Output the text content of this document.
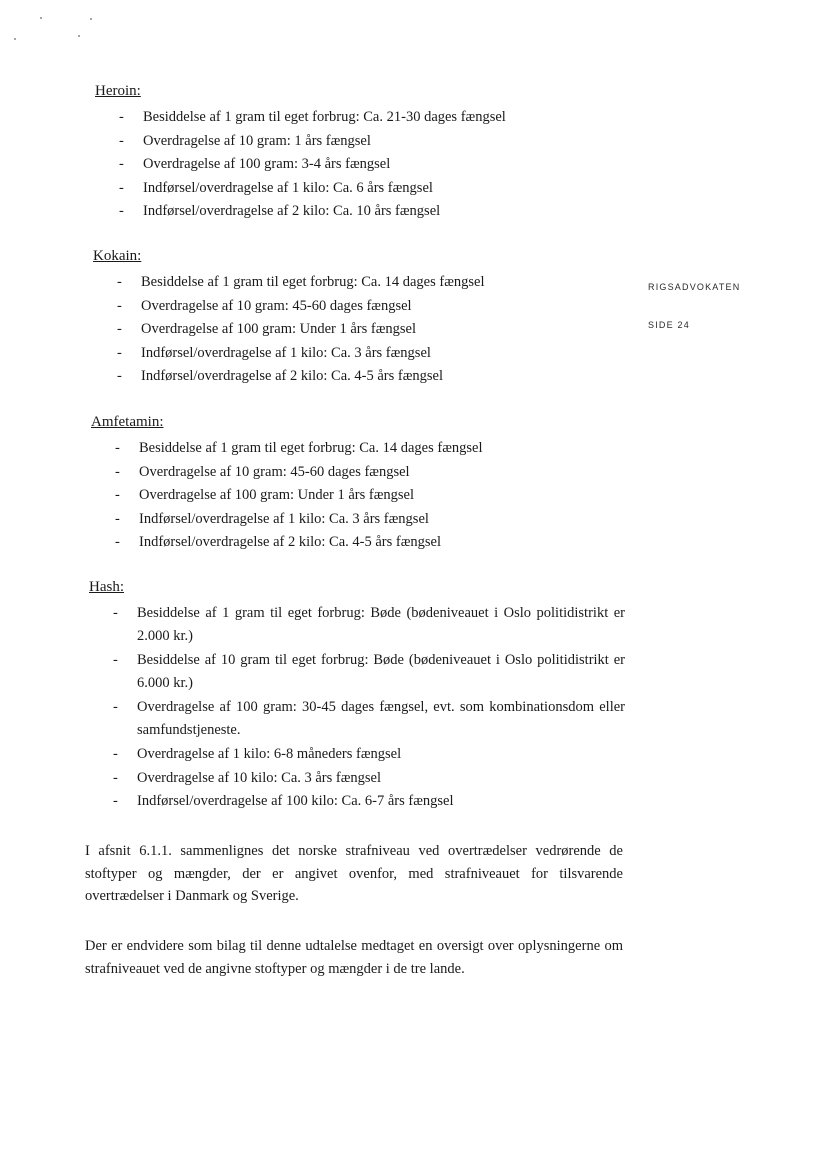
RIGSADVOKATEN
SIDE 24

Heroin:

- Besiddelse af 1 gram til eget forbrug: Ca. 21-30 dages fængsel
- Overdragelse af 10 gram: 1 års fængsel
- Overdragelse af 100 gram: 3-4 års fængsel
- Indførsel/overdragelse af 1 kilo: Ca. 6 års fængsel
- Indførsel/overdragelse af 2 kilo: Ca. 10 års fængsel

Kokain:

- Besiddelse af 1 gram til eget forbrug: Ca. 14 dages fængsel
- Overdragelse af 10 gram: 45-60 dages fængsel
- Overdragelse af 100 gram: Under 1 års fængsel
- Indførsel/overdragelse af 1 kilo: Ca. 3 års fængsel
- Indførsel/overdragelse af 2 kilo: Ca. 4-5 års fængsel

Amfetamin:

- Besiddelse af 1 gram til eget forbrug: Ca. 14 dages fængsel
- Overdragelse af 10 gram: 45-60 dages fængsel
- Overdragelse af 100 gram: Under 1 års fængsel
- Indførsel/overdragelse af 1 kilo: Ca. 3 års fængsel
- Indførsel/overdragelse af 2 kilo: Ca. 4-5 års fængsel

Hash:

- Besiddelse af 1 gram til eget forbrug: Bøde (bødeniveauet i Oslo politidistrikt er 2.000 kr.)
- Besiddelse af 10 gram til eget forbrug: Bøde (bødeniveauet i Oslo politidistrikt er 6.000 kr.)
- Overdragelse af 100 gram: 30-45 dages fængsel, evt. som kombinationsdom eller samfundstjeneste.
- Overdragelse af 1 kilo: 6-8 måneders fængsel
- Overdragelse af 10 kilo: Ca. 3 års fængsel
- Indførsel/overdragelse af 100 kilo: Ca. 6-7 års fængsel

I afsnit 6.1.1. sammenlignes det norske strafniveau ved overtrædelser vedrørende de stoftyper og mængder, der er angivet ovenfor, med strafniveauet for tilsvarende overtrædelser i Danmark og Sverige.

Der er endvidere som bilag til denne udtalelse medtaget en oversigt over oplysningerne om strafniveauet ved de angivne stoftyper og mængder i de tre lande.
